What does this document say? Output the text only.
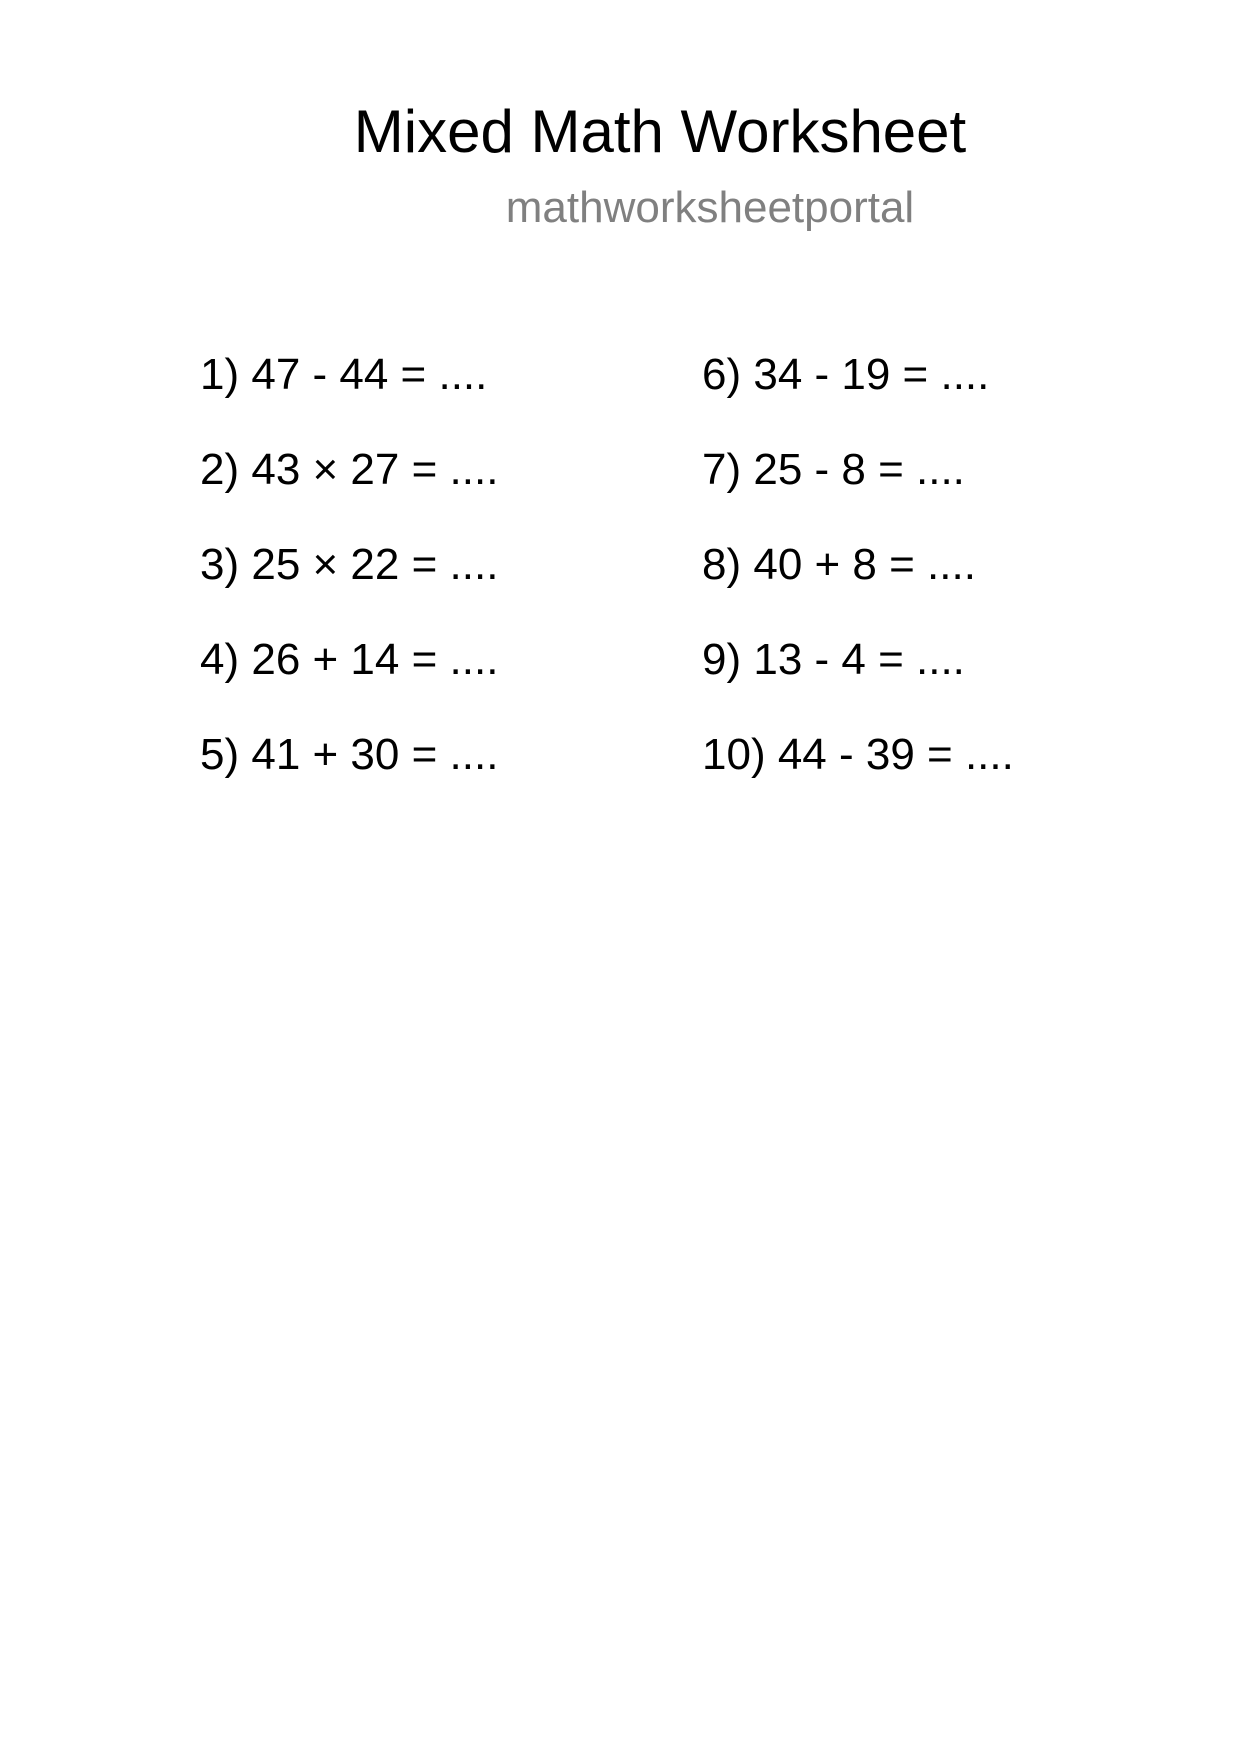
Mixed Math Worksheet
mathworksheetportal
1) 47 - 44 = ....
2) 43 × 27 = ....
3) 25 × 22 = ....
4) 26 + 14 = ....
5) 41 + 30 = ....
6) 34 - 19 = ....
7) 25 - 8 = ....
8) 40 + 8 = ....
9) 13 - 4 = ....
10) 44 - 39 = ....
